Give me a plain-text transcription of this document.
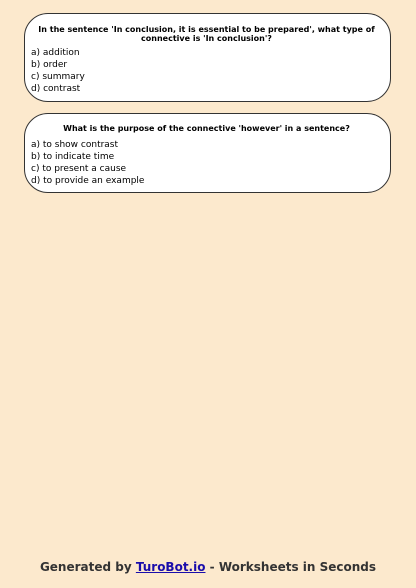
In the sentence 'In conclusion, it is essential to be prepared', what type of connective is 'In conclusion'?
a) addition
b) order
c) summary
d) contrast
What is the purpose of the connective 'however' in a sentence?
a) to show contrast
b) to indicate time
c) to present a cause
d) to provide an example
Generated by TuroBot.io - Worksheets in Seconds
